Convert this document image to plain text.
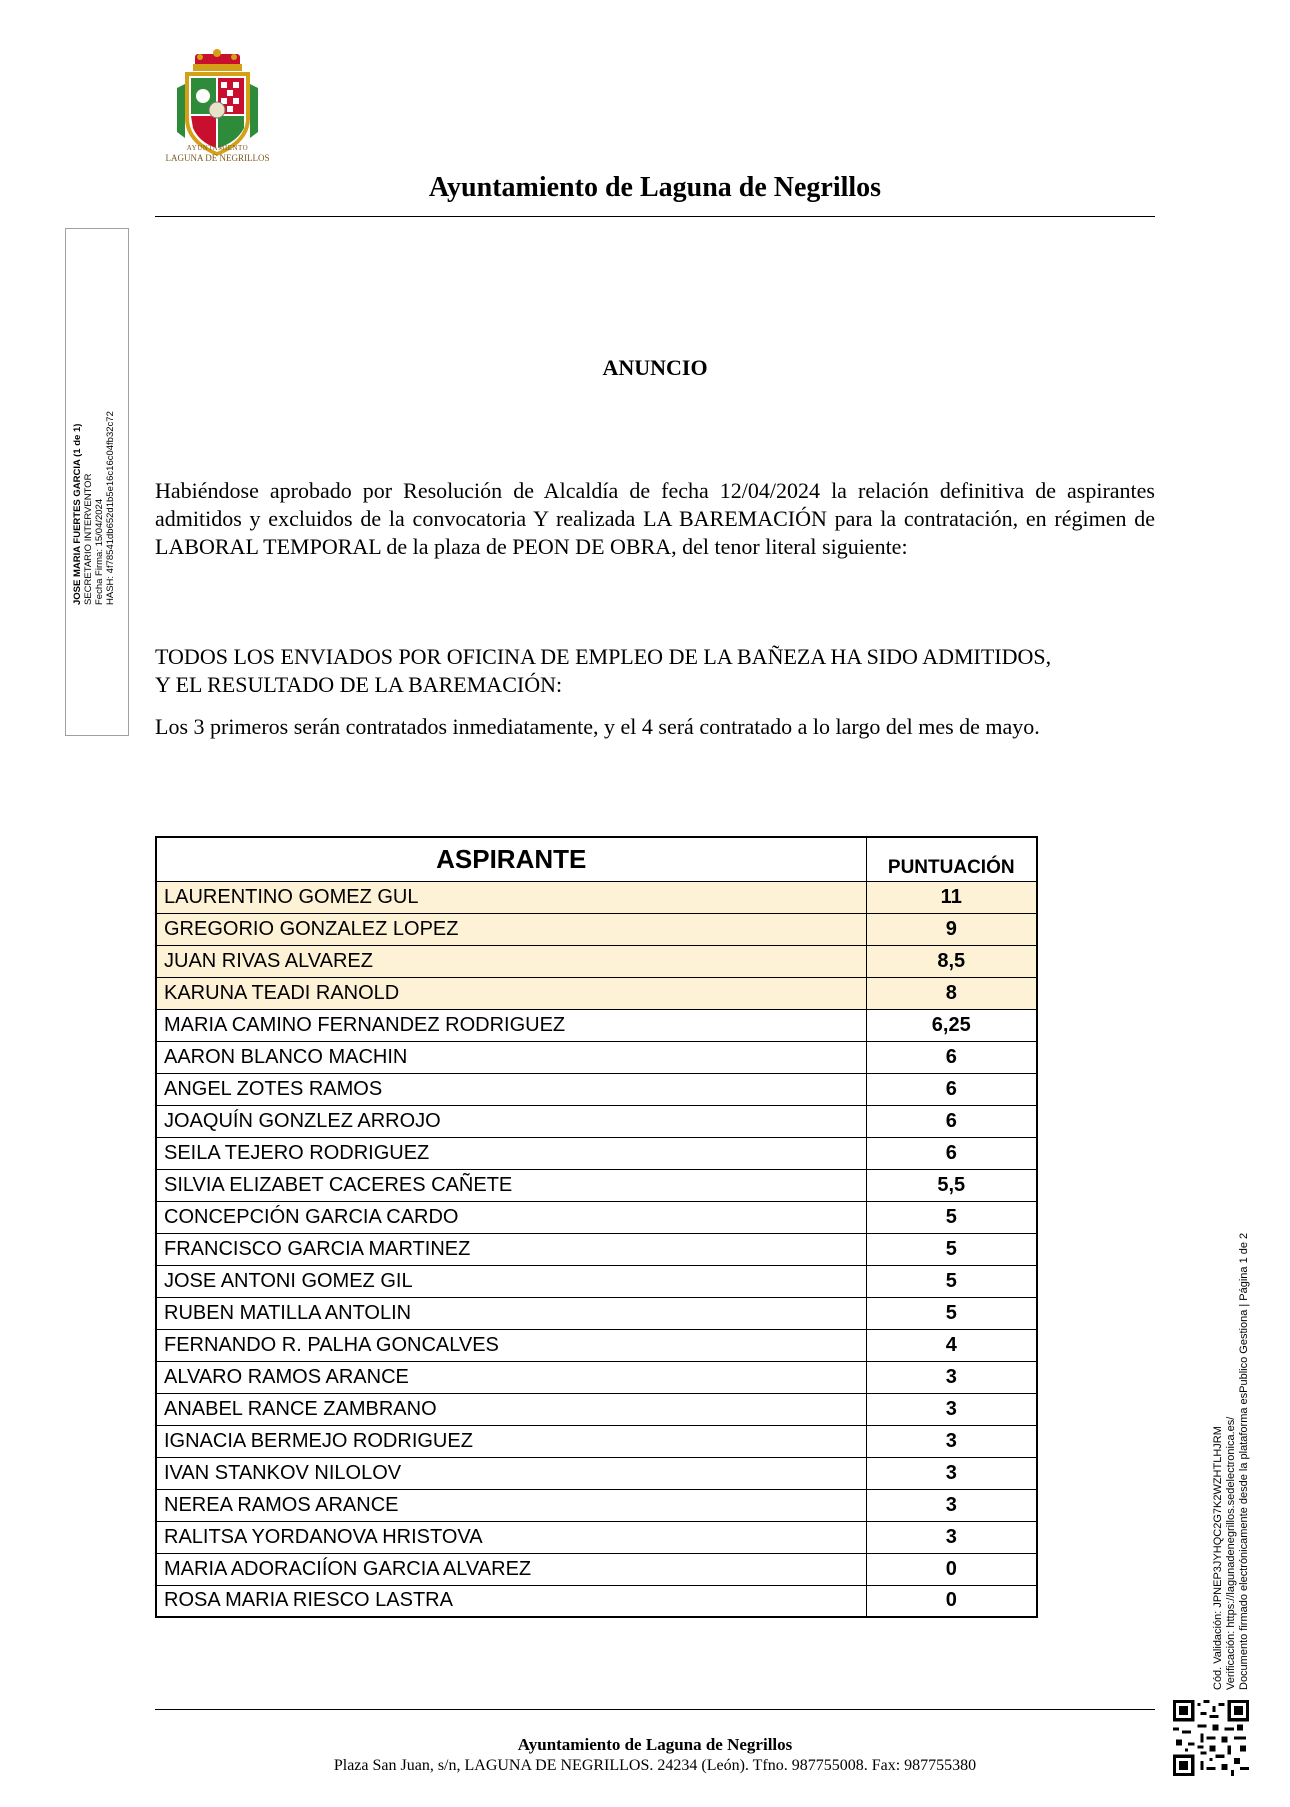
AYUNTAMIENTO
LAGUNA DE NEGRILLOS
Ayuntamiento de Laguna de Negrillos
JOSE MARIA FUERTES GARCIA (1 de 1) SECRETARIO INTERVENTOR Fecha Firma: 15/04/2024 HASH: 4f78541db652d1b5e16c16c04fb32c72
ANUNCIO
Habiéndose aprobado por Resolución de Alcaldía de fecha 12/04/2024 la relación definitiva de aspirantes admitidos y excluidos de la convocatoria Y realizada LA BAREMACIÓN para la contratación, en régimen de LABORAL TEMPORAL de la plaza de PEON DE OBRA, del tenor literal siguiente:
TODOS LOS ENVIADOS POR OFICINA DE EMPLEO DE LA BAÑEZA HA SIDO ADMITIDOS,
Y EL RESULTADO DE LA BAREMACIÓN:
Los 3 primeros serán contratados inmediatamente, y el 4 será contratado a lo largo del mes de mayo.
ASPIRANTE	PUNTUACIÓN
LAURENTINO GOMEZ GUL	11
GREGORIO GONZALEZ LOPEZ	9
JUAN RIVAS ALVAREZ	8,5
KARUNA TEADI RANOLD	8
MARIA CAMINO FERNANDEZ RODRIGUEZ	6,25
AARON BLANCO MACHIN	6
ANGEL ZOTES RAMOS	6
JOAQUÍN GONZLEZ ARROJO	6
SEILA TEJERO RODRIGUEZ	6
SILVIA ELIZABET CACERES CAÑETE	5,5
CONCEPCIÓN GARCIA CARDO	5
FRANCISCO GARCIA MARTINEZ	5
JOSE ANTONI GOMEZ GIL	5
RUBEN MATILLA ANTOLIN	5
FERNANDO R. PALHA GONCALVES	4
ALVARO RAMOS ARANCE	3
ANABEL RANCE ZAMBRANO	3
IGNACIA BERMEJO RODRIGUEZ	3
IVAN STANKOV NILOLOV	3
NEREA RAMOS ARANCE	3
RALITSA YORDANOVA HRISTOVA	3
MARIA ADORACIÍON GARCIA ALVAREZ	0
ROSA MARIA RIESCO LASTRA	0	Cód. Validación: JPNEP3JYHQC2G7K2WZHTLHJRM Verificación: https://lagunadenegrillos.sedelectronica.es/ Documento firmado electrónicamente desde la plataforma esPublico Gestiona | Página 1 de 2
Ayuntamiento de Laguna de Negrillos
Plaza San Juan, s/n, LAGUNA DE NEGRILLOS. 24234 (León). Tfno. 987755008. Fax: 987755380
